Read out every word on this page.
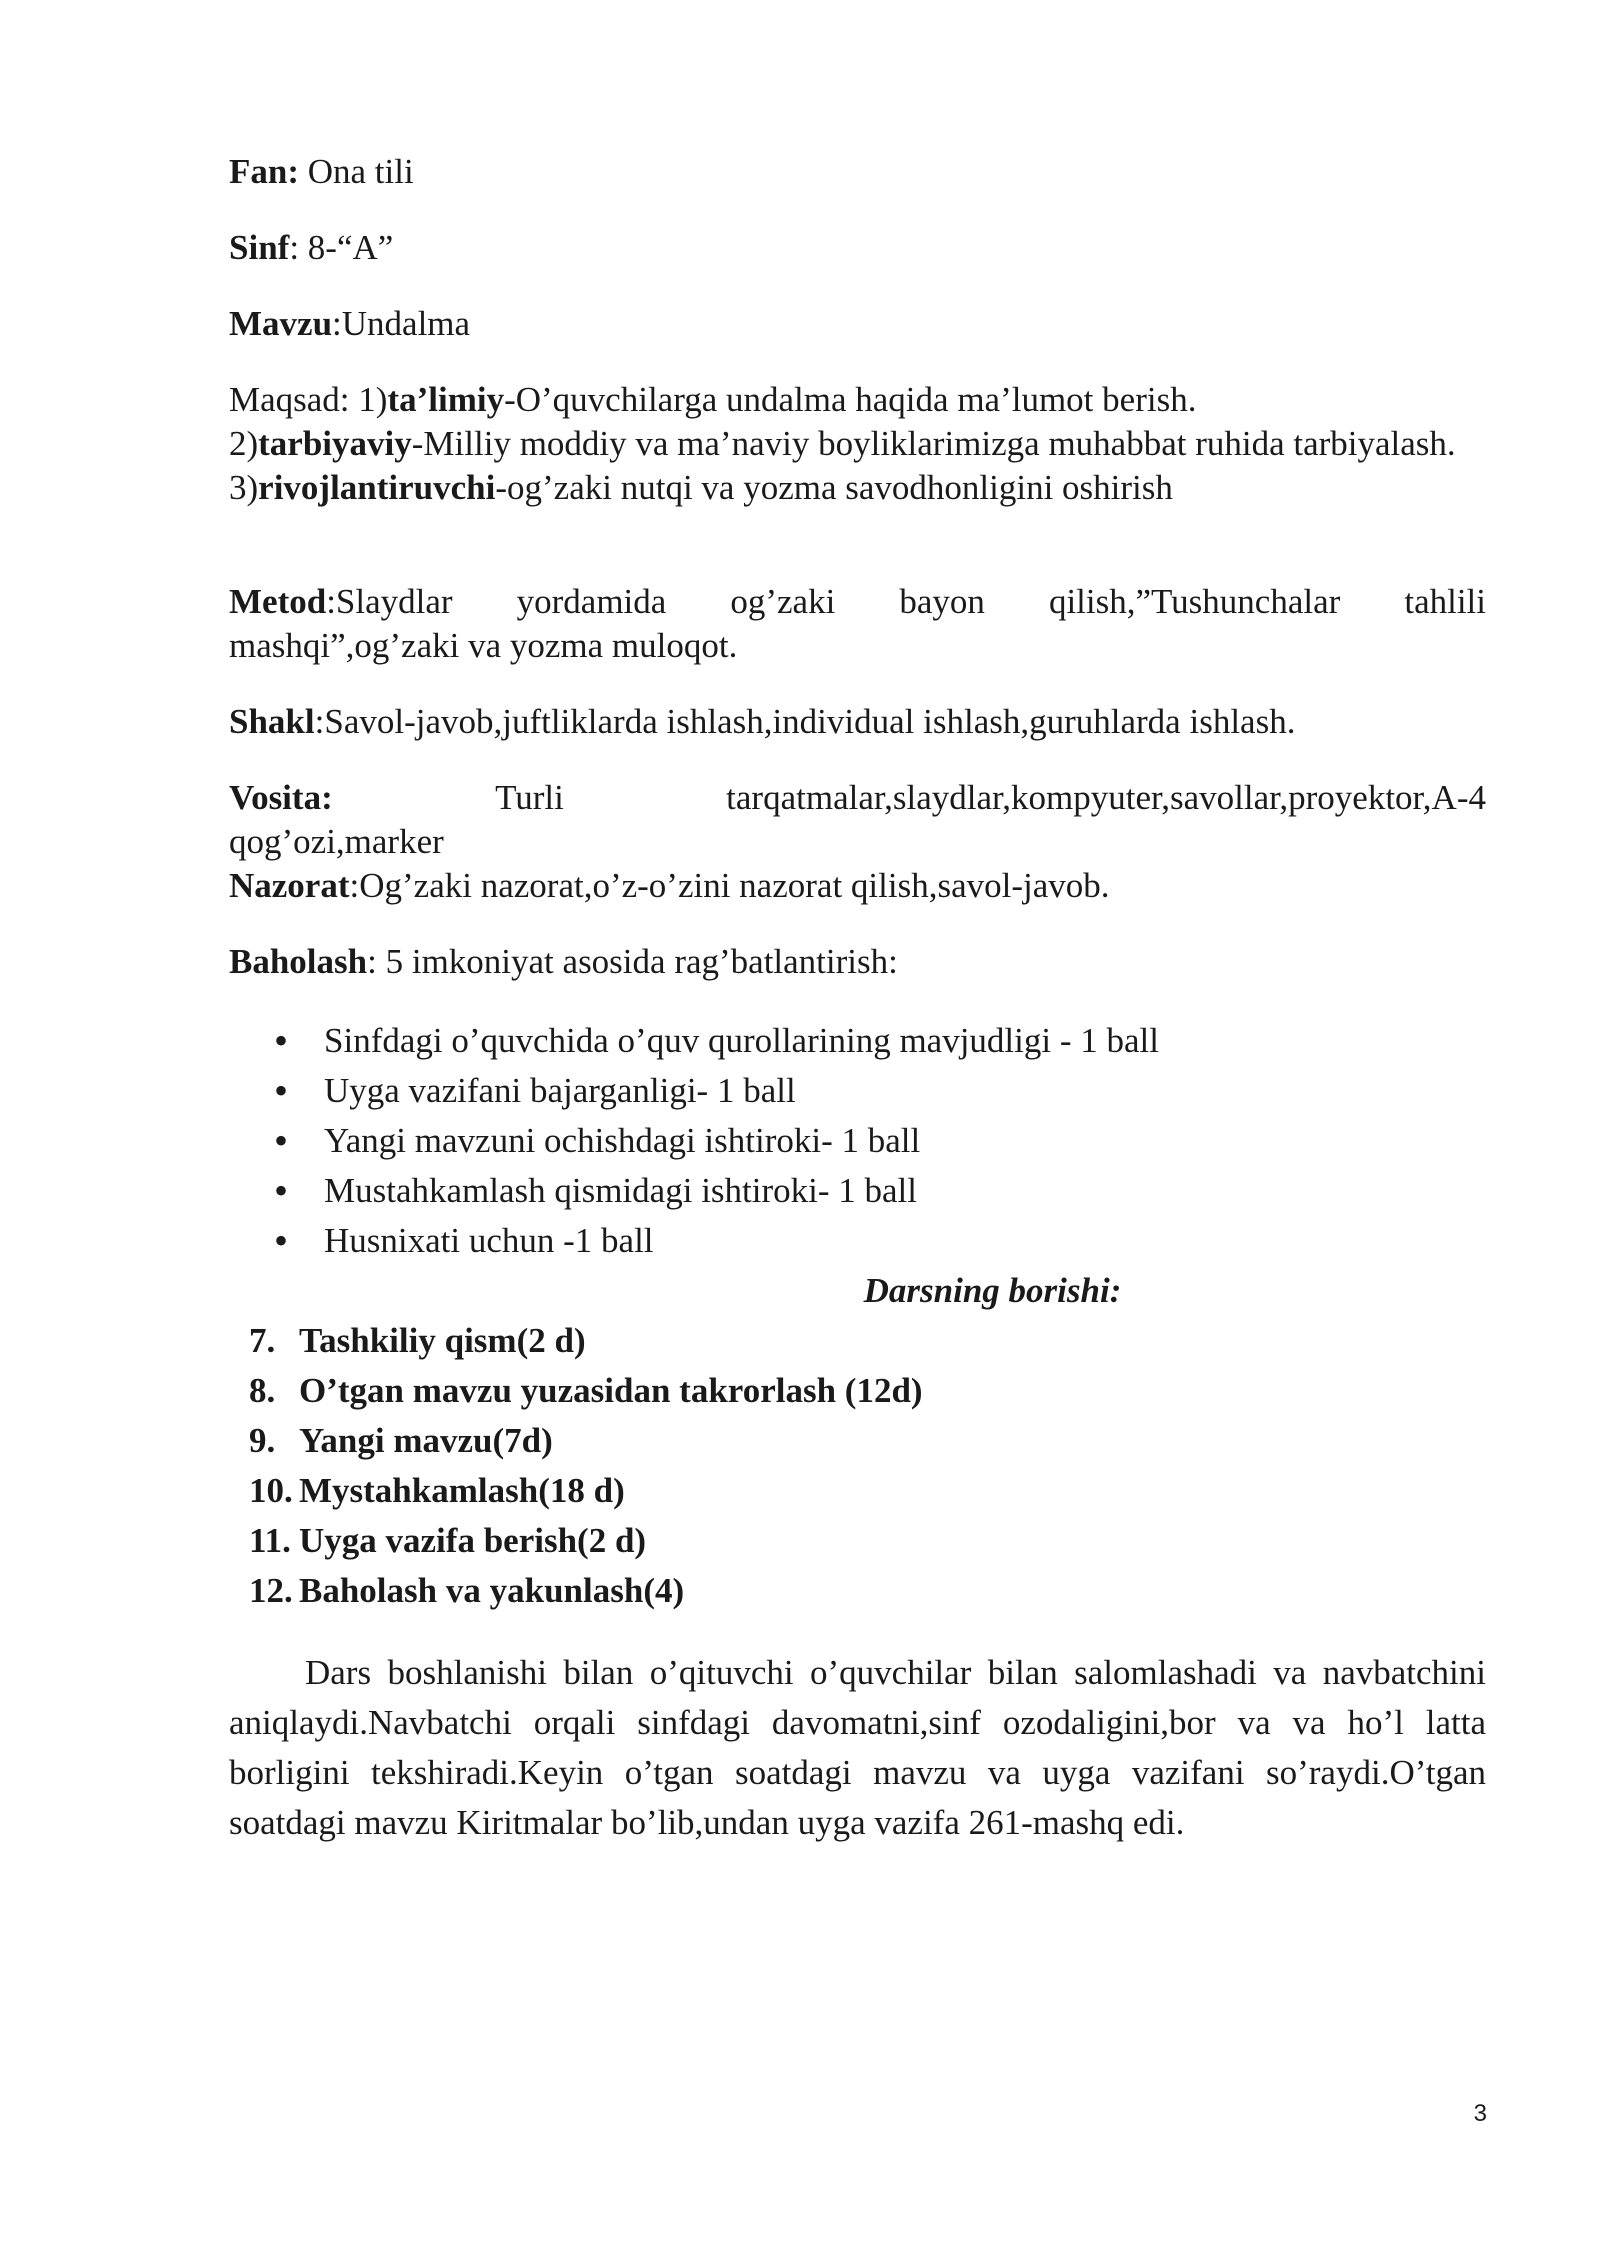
Fan: Ona tili
Sinf: 8-“A”
Mavzu:Undalma
Maqsad: 1)ta’limiy-O’quvchilarga undalma haqida ma’lumot berish.
2)tarbiyaviy-Milliy moddiy va ma’naviy boyliklarimizga muhabbat ruhida tarbiyalash.
3)rivojlantiruvchi-og’zaki nutqi va yozma savodhonligini oshirish
Metod:Slaydlar yordamida og’zaki bayon qilish,”Tushunchalar tahlili
mashqi”,og’zaki va yozma muloqot.
Shakl:Savol-javob,juftliklarda ishlash,individual ishlash,guruhlarda ishlash.
Vosita:	Turli	tarqatmalar,slaydlar,kompyuter,savollar,proyektor,A-4
qog’ozi,marker
Nazorat:Og’zaki nazorat,o’z-o’zini nazorat qilish,savol-javob.
Baholash: 5 imkoniyat asosida rag’batlantirish:
• Sinfdagi o’quvchida o’quv qurollarining mavjudligi - 1 ball
• Uyga vazifani bajarganligi- 1 ball
• Yangi mavzuni ochishdagi ishtiroki- 1 ball
• Mustahkamlash qismidagi ishtiroki- 1 ball
• Husnixati uchun -1 ball
Darsning borishi:
7. Tashkiliy qism(2 d)
8. O’tgan mavzu yuzasidan takrorlash (12d)
9. Yangi mavzu(7d)
10. Mystahkamlash(18 d)
11. Uyga vazifa berish(2 d)
12. Baholash va yakunlash(4)
Dars boshlanishi bilan o’qituvchi o’quvchilar bilan salomlashadi va navbatchini aniqlaydi.Navbatchi orqali sinfdagi davomatni,sinf ozodaligini,bor va va ho’l latta borligini tekshiradi.Keyin o’tgan soatdagi mavzu va uyga vazifani so’raydi.O’tgan soatdagi mavzu Kiritmalar bo’lib,undan uyga vazifa 261-mashq edi.
3
